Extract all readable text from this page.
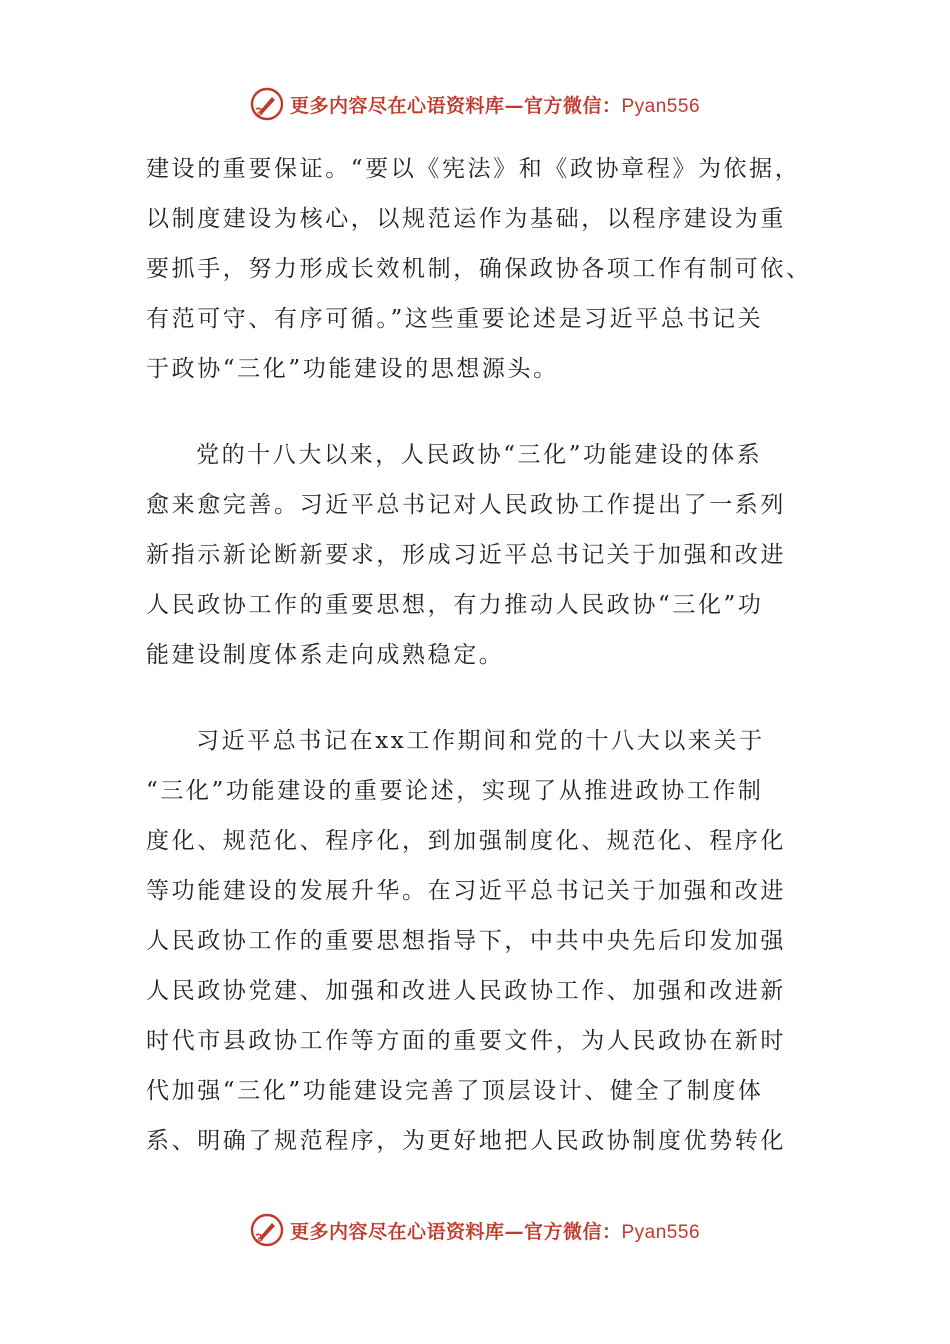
更多内容尽在心语资料库—官方微信：Pyan556
建设的重要保证。“要以《宪法》和《政协章程》为依据，
以制度建设为核心，以规范运作为基础，以程序建设为重
要抓手，努力形成长效机制，确保政协各项工作有制可依、
有范可守、有序可循。”这些重要论述是习近平总书记关
于政协“三化”功能建设的思想源头。
党的十八大以来，人民政协“三化”功能建设的体系
愈来愈完善。习近平总书记对人民政协工作提出了一系列
新指示新论断新要求，形成习近平总书记关于加强和改进
人民政协工作的重要思想，有力推动人民政协“三化”功
能建设制度体系走向成熟稳定。
习近平总书记在xx工作期间和党的十八大以来关于
“三化”功能建设的重要论述，实现了从推进政协工作制
度化、规范化、程序化，到加强制度化、规范化、程序化
等功能建设的发展升华。在习近平总书记关于加强和改进
人民政协工作的重要思想指导下，中共中央先后印发加强
人民政协党建、加强和改进人民政协工作、加强和改进新
时代市县政协工作等方面的重要文件，为人民政协在新时
代加强“三化”功能建设完善了顶层设计、健全了制度体
系、明确了规范程序，为更好地把人民政协制度优势转化
更多内容尽在心语资料库—官方微信：Pyan556
